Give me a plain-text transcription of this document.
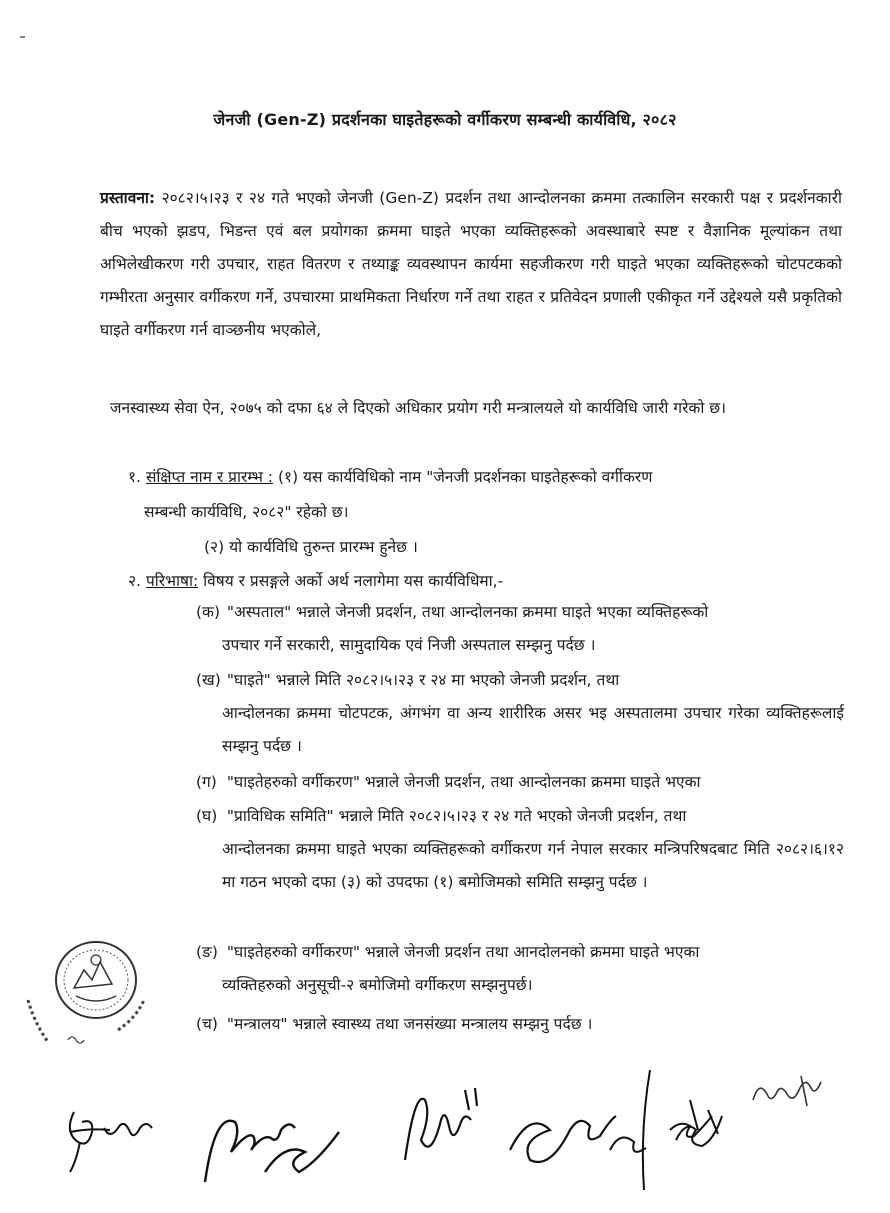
जेनजी (Gen-Z) प्रदर्शनका घाइतेहरूको वर्गीकरण सम्बन्धी कार्यविधि, २०८२
प्रस्तावना: २०८२।५।२३ र २४ गते भएको जेनजी (Gen-Z) प्रदर्शन तथा आन्दोलनका क्रममा तत्कालिन सरकारी पक्ष र प्रदर्शनकारी बीच भएको झडप, भिडन्त एवं बल प्रयोगका क्रममा घाइते भएका व्यक्तिहरूको अवस्थाबारे स्पष्ट र वैज्ञानिक मूल्यांकन तथा अभिलेखीकरण गरी उपचार, राहत वितरण र तथ्याङ्क व्यवस्थापन कार्यमा सहजीकरण गरी घाइते भएका व्यक्तिहरूको चोटपटकको गम्भीरता अनुसार वर्गीकरण गर्ने, उपचारमा प्राथमिकता निर्धारण गर्ने तथा राहत र प्रतिवेदन प्रणाली एकीकृत गर्ने उद्देश्यले यसै प्रकृतिको घाइते वर्गीकरण गर्न वाञ्छनीय भएकोले,
जनस्वास्थ्य सेवा ऐन, २०७५ को दफा ६४ ले दिएको अधिकार प्रयोग गरी मन्त्रालयले यो कार्यविधि जारी गरेको छ।
१. संक्षिप्त नाम र प्रारम्भ : (१) यस कार्यविधिको नाम "जेनजी प्रदर्शनका घाइतेहरूको वर्गीकरण
सम्बन्धी कार्यविधि, २०८२" रहेको छ।
(२) यो कार्यविधि तुरुन्त प्रारम्भ हुनेछ ।
२. परिभाषा: विषय र प्रसङ्गले अर्को अर्थ नलागेमा यस कार्यविधिमा,-
(क) "अस्पताल" भन्नाले जेनजी प्रदर्शन, तथा आन्दोलनका क्रममा घाइते भएका व्यक्तिहरूको
उपचार गर्ने सरकारी, सामुदायिक एवं निजी अस्पताल सम्झनु पर्दछ ।
(ख) "घाइते" भन्नाले मिति २०८२।५।२३ र २४ मा भएको जेनजी प्रदर्शन, तथा
आन्दोलनका क्रममा चोटपटक, अंगभंग वा अन्य शारीरिक असर भइ अस्पतालमा उपचार गरेका व्यक्तिहरूलाई सम्झनु पर्दछ ।
(ग) "घाइतेहरुको वर्गीकरण" भन्नाले जेनजी प्रदर्शन, तथा आन्दोलनका क्रममा घाइते भएका
(घ) "प्राविधिक समिति" भन्नाले मिति २०८२।५।२३ र २४ गते भएको जेनजी प्रदर्शन, तथा
आन्दोलनका क्रममा घाइते भएका व्यक्तिहरूको वर्गीकरण गर्न नेपाल सरकार मन्त्रिपरिषदबाट मिति २०८२।६।१२ मा गठन भएको दफा (३) को उपदफा (१) बमोजिमको समिति सम्झनु पर्दछ ।
(ङ) "घाइतेहरुको वर्गीकरण" भन्नाले जेनजी प्रदर्शन तथा आनदोलनको क्रममा घाइते भएका
व्यक्तिहरुको अनुसूची-२ बमोजिमो वर्गीकरण सम्झनुपर्छ।
(च) "मन्त्रालय" भन्नाले स्वास्थ्य तथा जनसंख्या मन्त्रालय सम्झनु पर्दछ ।
